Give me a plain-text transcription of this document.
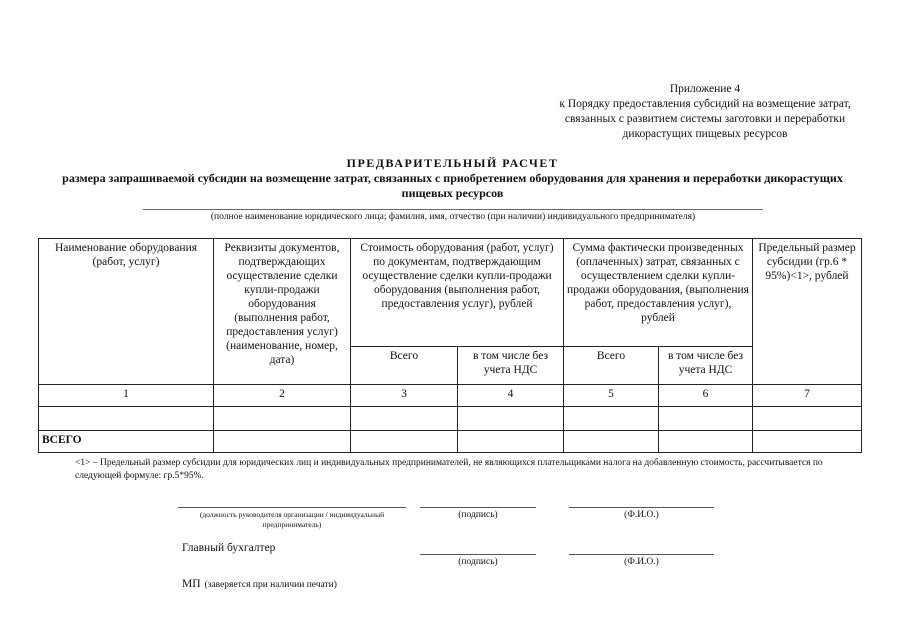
Приложение 4
к Порядку предоставления субсидий на возмещение затрат,
связанных с развитием системы заготовки и переработки
дикорастущих пищевых ресурсов
ПРЕДВАРИТЕЛЬНЫЙ РАСЧЕТ
размера запрашиваемой субсидии на возмещение затрат, связанных с приобретением оборудования для хранения и переработки дикорастущих пищевых ресурсов
(полное наименование юридического лица; фамилия, имя, отчество (при наличии) индивидуального предпринимателя)
Наименование оборудования (работ, услуг)	Реквизиты документов, подтверждающих осуществление сделки купли-продажи оборудования (выполнения работ, предоставления услуг) (наименование, номер, дата)	Стоимость оборудования (работ, услуг) по документам, подтверждающим осуществление сделки купли-продажи оборудования (выполнения работ, предоставления услуг), рублей		Сумма фактически произведенных (оплаченных) затрат, связанных с осуществлением сделки купли-продажи оборудования, (выполнения работ, предоставления услуг), рублей		Предельный размер субсидии (гр.6 * 95%)<1>, рублей
		Всего	в том числе без учета НДС	Всего	в том числе без учета НДС	
1	2	3	4	5	6	7

ВСЕГО						
<1> – Предельный размер субсидии для юридических лиц и индивидуальных предпринимателей, не являющихся плательщиками налога на добавленную стоимость, рассчитывается по следующей формуле: гр.5*95%.
(должность руководителя организации / индивидуальный предприниматель)
(подпись)	(Ф.И.О.)
Главный бухгалтер
(подпись)	(Ф.И.О.)
МП (заверяется при наличии печати)
